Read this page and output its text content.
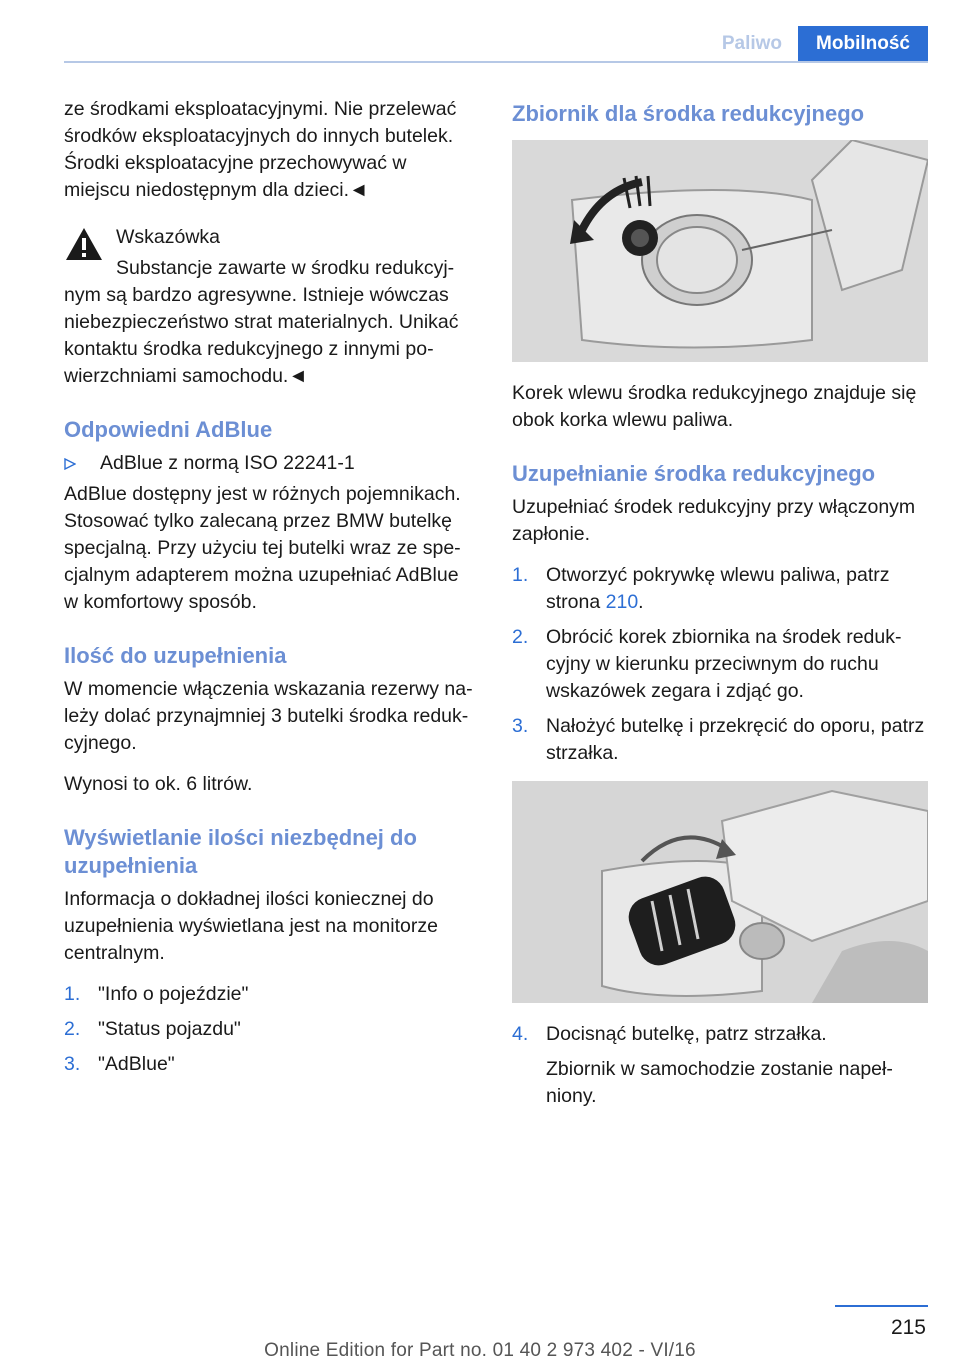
Paliwo	Mobilność

ze środkami eksploatacyjnymi. Nie przelewać środków eksploatacyjnych do innych butelek. Środki eksploatacyjne przechowywać w miejscu niedostępnym dla dzieci.◄

Wskazówka
Substancje zawarte w środku redukcyj‐
nym są bardzo agresywne. Istnieje wówczas niebezpieczeństwo strat materialnych. Unikać kontaktu środka redukcyjnego z innymi po‐ wierzchniami samochodu.◄
Odpowiedni AdBlue
AdBlue z normą ISO 22241-1

AdBlue dostępny jest w różnych pojemnikach. Stosować tylko zalecaną przez BMW butelkę specjalną. Przy użyciu tej butelki wraz ze spe‐ cjalnym adapterem można uzupełniać AdBlue w komfortowy sposób.

Ilość do uzupełnienia

W momencie włączenia wskazania rezerwy na‐ leży dolać przynajmniej 3 butelki środka reduk‐ cyjnego.

Wynosi to ok. 6 litrów.

Wyświetlanie ilości niezbędnej do uzupełnienia

Informacja o dokładnej ilości koniecznej do uzupełnienia wyświetlana jest na monitorze centralnym.

1. "Info o pojeździe"
2. "Status pojazdu"
3. "AdBlue"
Zbiornik dla środka redukcyjnego

Korek wlewu środka redukcyjnego znajduje się obok korka wlewu paliwa.

Uzupełnianie środka redukcyjnego

Uzupełniać środek redukcyjny przy włączonym zapłonie.

1. Otworzyć pokrywkę wlewu paliwa, patrz strona 210.
2. Obrócić korek zbiornika na środek reduk‐ cyjny w kierunku przeciwnym do ruchu wskazówek zegara i zdjąć go.
3. Nałożyć butelkę i przekręcić do oporu, patrz strzałka.
4. Docisnąć butelkę, patrz strzałka.
Zbiornik w samochodzie zostanie napeł‐ niony.
215
Online Edition for Part no. 01 40 2 973 402 - VI/16
